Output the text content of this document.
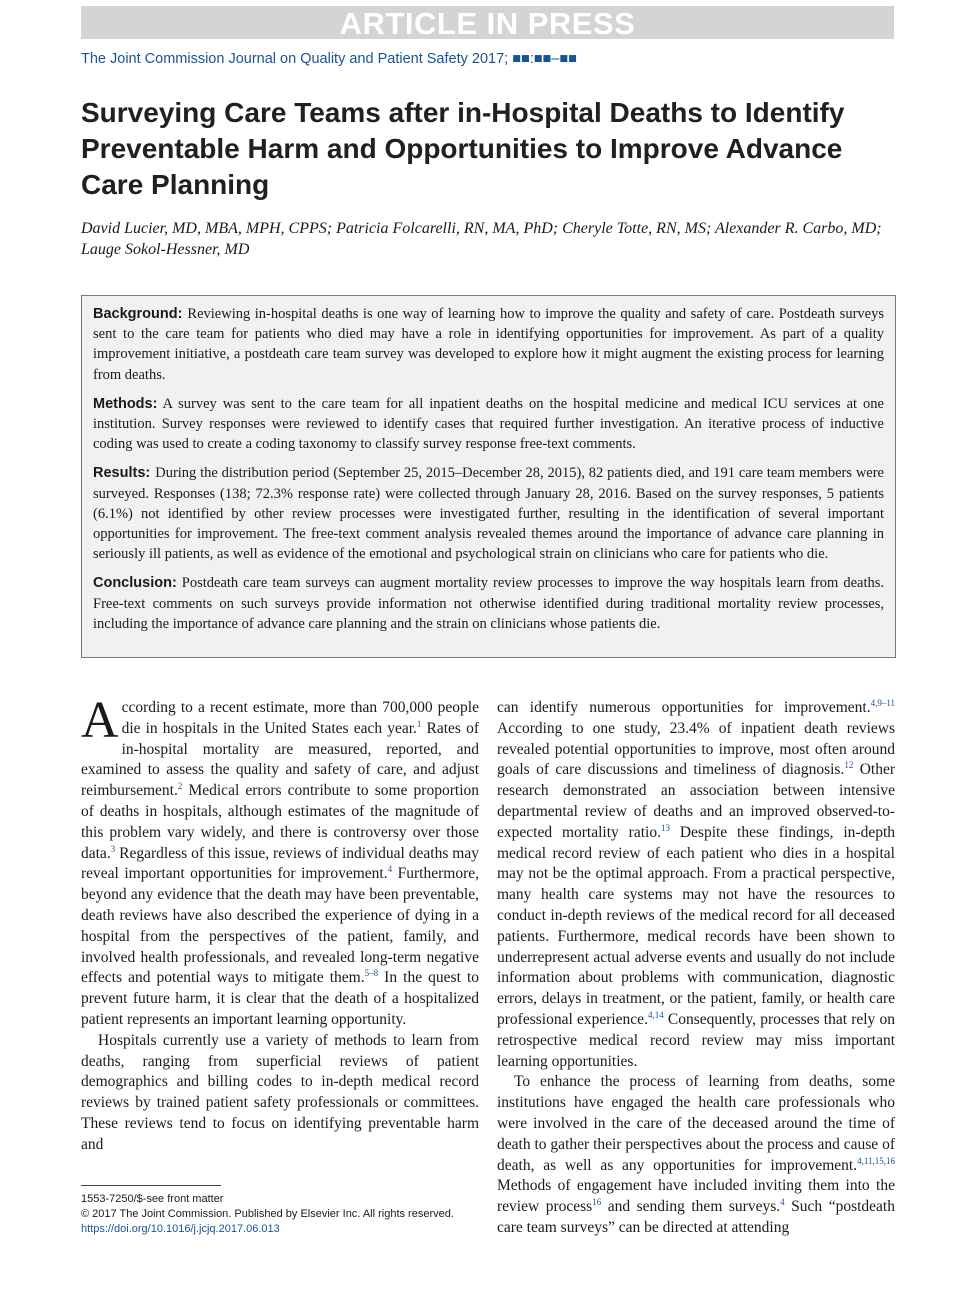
ARTICLE IN PRESS
The Joint Commission Journal on Quality and Patient Safety 2017; ■■:■■–■■
Surveying Care Teams after in-Hospital Deaths to Identify Preventable Harm and Opportunities to Improve Advance Care Planning

David Lucier, MD, MBA, MPH, CPPS; Patricia Folcarelli, RN, MA, PhD; Cheryle Totte, RN, MS; Alexander R. Carbo, MD; Lauge Sokol-Hessner, MD

Background: Reviewing in-hospital deaths is one way of learning how to improve the quality and safety of care. Postdeath surveys sent to the care team for patients who died may have a role in identifying opportunities for improvement. As part of a quality improvement initiative, a postdeath care team survey was developed to explore how it might augment the existing process for learning from deaths.

Methods: A survey was sent to the care team for all inpatient deaths on the hospital medicine and medical ICU services at one institution. Survey responses were reviewed to identify cases that required further investigation. An iterative process of inductive coding was used to create a coding taxonomy to classify survey response free-text comments.

Results: During the distribution period (September 25, 2015–December 28, 2015), 82 patients died, and 191 care team members were surveyed. Responses (138; 72.3% response rate) were collected through January 28, 2016. Based on the survey responses, 5 patients (6.1%) not identified by other review processes were investigated further, resulting in the identification of several important opportunities for improvement. The free-text comment analysis revealed themes around the importance of advance care planning in seriously ill patients, as well as evidence of the emotional and psychological strain on clinicians who care for patients who die.

Conclusion: Postdeath care team surveys can augment mortality review processes to improve the way hospitals learn from deaths. Free-text comments on such surveys provide information not otherwise identified during traditional mortality review processes, including the importance of advance care planning and the strain on clinicians whose patients die.

According to a recent estimate, more than 700,000 people die in hospitals in the United States each year.$^1$ Rates of in-hospital mortality are measured, reported, and examined to assess the quality and safety of care, and adjust reimbursement.$^2$ Medical errors contribute to some proportion of deaths in hospitals, although estimates of the magnitude of this problem vary widely, and there is controversy over those data.$^3$ Regardless of this issue, reviews of individual deaths may reveal important opportunities for improvement.$^4$ Furthermore, beyond any evidence that the death may have been preventable, death reviews have also described the experience of dying in a hospital from the perspectives of the patient, family, and involved health professionals, and revealed long-term negative effects and potential ways to mitigate them.$^{5-8}$ In the quest to prevent future harm, it is clear that the death of a hospitalized patient represents an important learning opportunity.

Hospitals currently use a variety of methods to learn from deaths, ranging from superficial reviews of patient demographics and billing codes to in-depth medical record reviews by trained patient safety professionals or committees. These reviews tend to focus on identifying preventable harm and

can identify numerous opportunities for improvement.$^{4,9-11}$ According to one study, 23.4% of inpatient death reviews revealed potential opportunities to improve, most often around goals of care discussions and timeliness of diagnosis.$^{12}$ Other research demonstrated an association between intensive departmental review of deaths and an improved observed-to-expected mortality ratio.$^{13}$ Despite these findings, in-depth medical record review of each patient who dies in a hospital may not be the optimal approach. From a practical perspective, many health care systems may not have the resources to conduct in-depth reviews of the medical record for all deceased patients. Furthermore, medical records have been shown to underrepresent actual adverse events and usually do not include information about problems with communication, diagnostic errors, delays in treatment, or the patient, family, or health care professional experience.$^{4,14}$ Consequently, processes that rely on retrospective medical record review may miss important learning opportunities.

To enhance the process of learning from deaths, some institutions have engaged the health care professionals who were involved in the care of the deceased around the time of death to gather their perspectives about the process and cause of death, as well as any opportunities for improvement.$^{4,11,15,16}$ Methods of engagement have included inviting them into the review process$^{16}$ and sending them surveys.$^4$ Such “postdeath care team surveys” can be directed at attending

1553-7250/$-see front matter
© 2017 The Joint Commission. Published by Elsevier Inc. All rights reserved.
https://doi.org/10.1016/j.jcjq.2017.06.013
